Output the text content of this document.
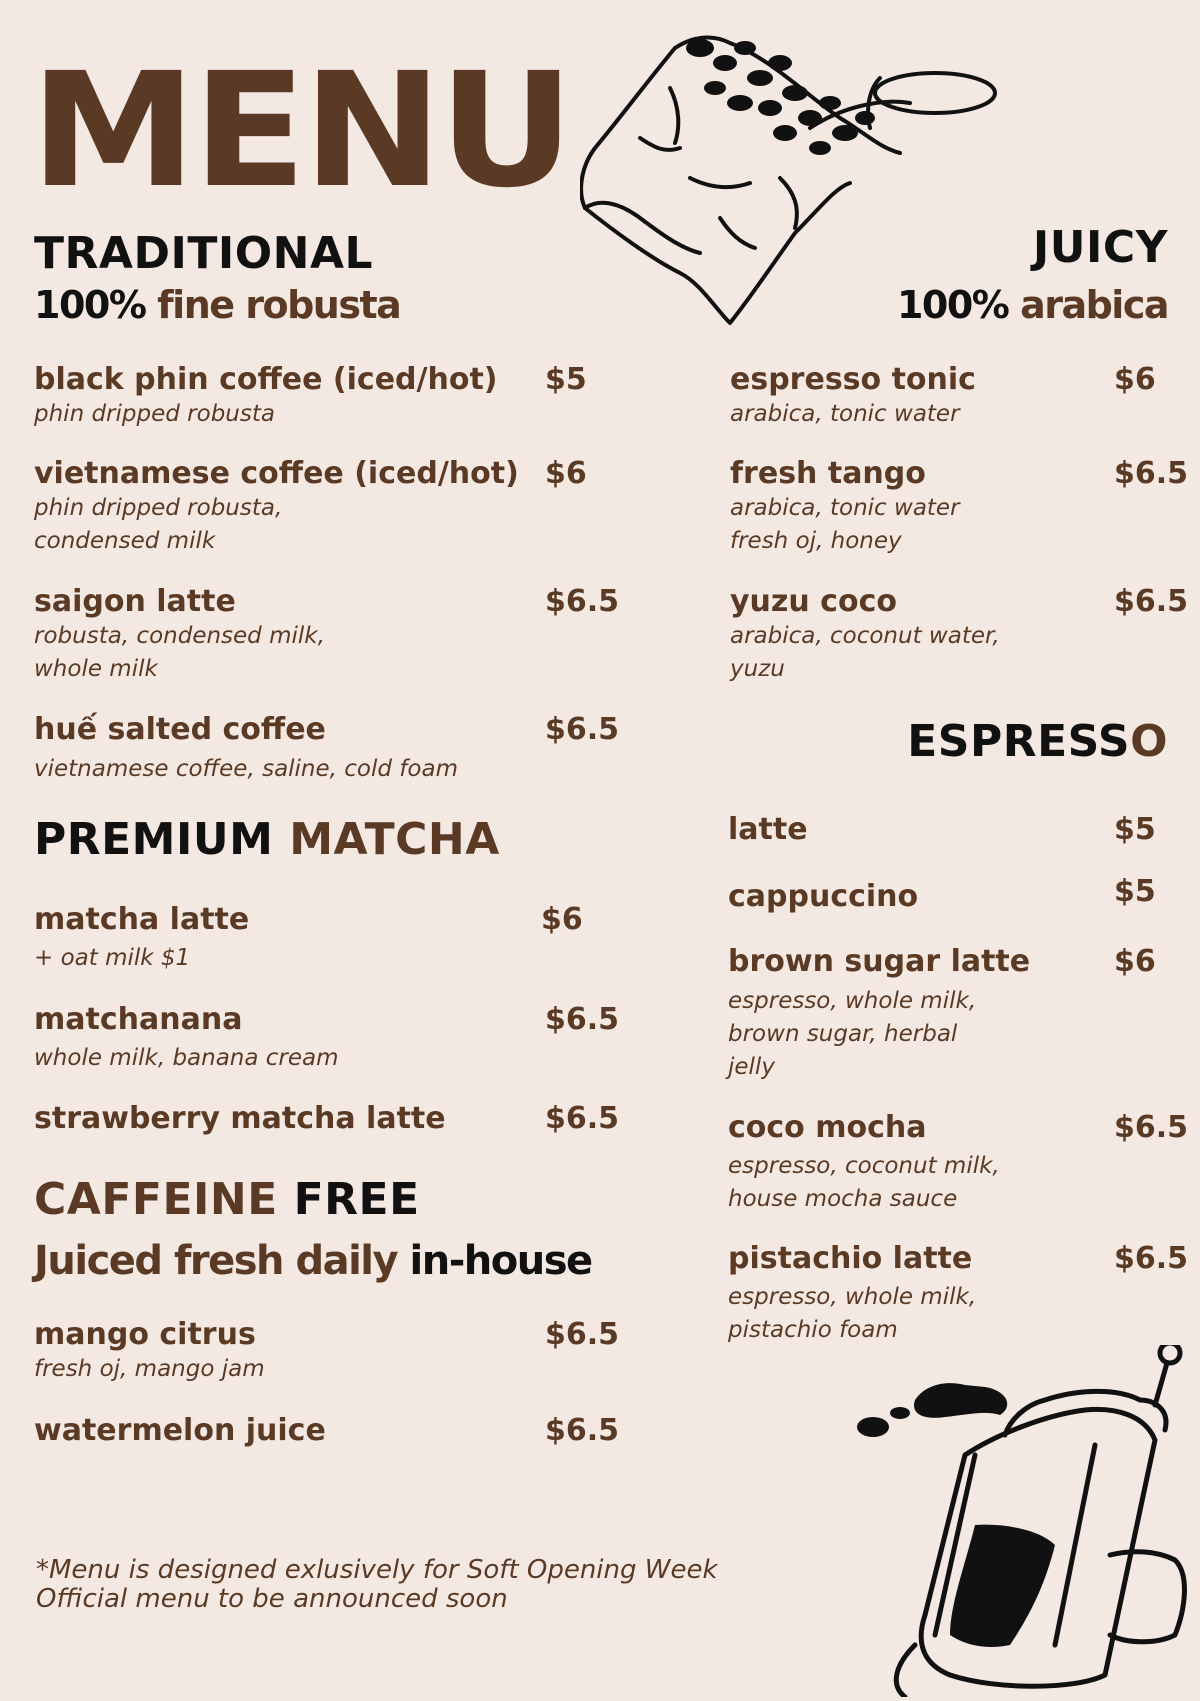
MENU
TRADITIONAL
100% fine robusta
black phin coffee (iced/hot) $5
phin dripped robusta
vietnamese coffee (iced/hot) $6
phin dripped robusta,
condensed milk
saigon latte	$6.5
robusta, condensed milk,
whole milk
huế salted coffee	$6.5
vietnamese coffee, saline, cold foam
PREMIUM MATCHA
matcha latte	$6
+ oat milk $1
matchanana	$6.5
whole milk, banana cream
strawberry matcha latte	$6.5
CAFFEINE FREE
Juiced fresh daily in-house
mango citrus	$6.5
fresh oj, mango jam
watermelon juice	$6.5
JUICY
100% arabica
espresso tonic	$6
arabica, tonic water
fresh tango	$6.5
arabica, tonic water
fresh oj, honey
yuzu coco	$6.5
arabica, coconut water,
yuzu
ESPRESSO
latte	$5
cappuccino	$5
brown sugar latte	$6
espresso, whole milk,
brown sugar, herbal
jelly
coco mocha	$6.5
espresso, coconut milk,
house mocha sauce
pistachio latte	$6.5
espresso, whole milk,
pistachio foam
*Menu is designed exlusively for Soft Opening Week
Official menu to be announced soon
